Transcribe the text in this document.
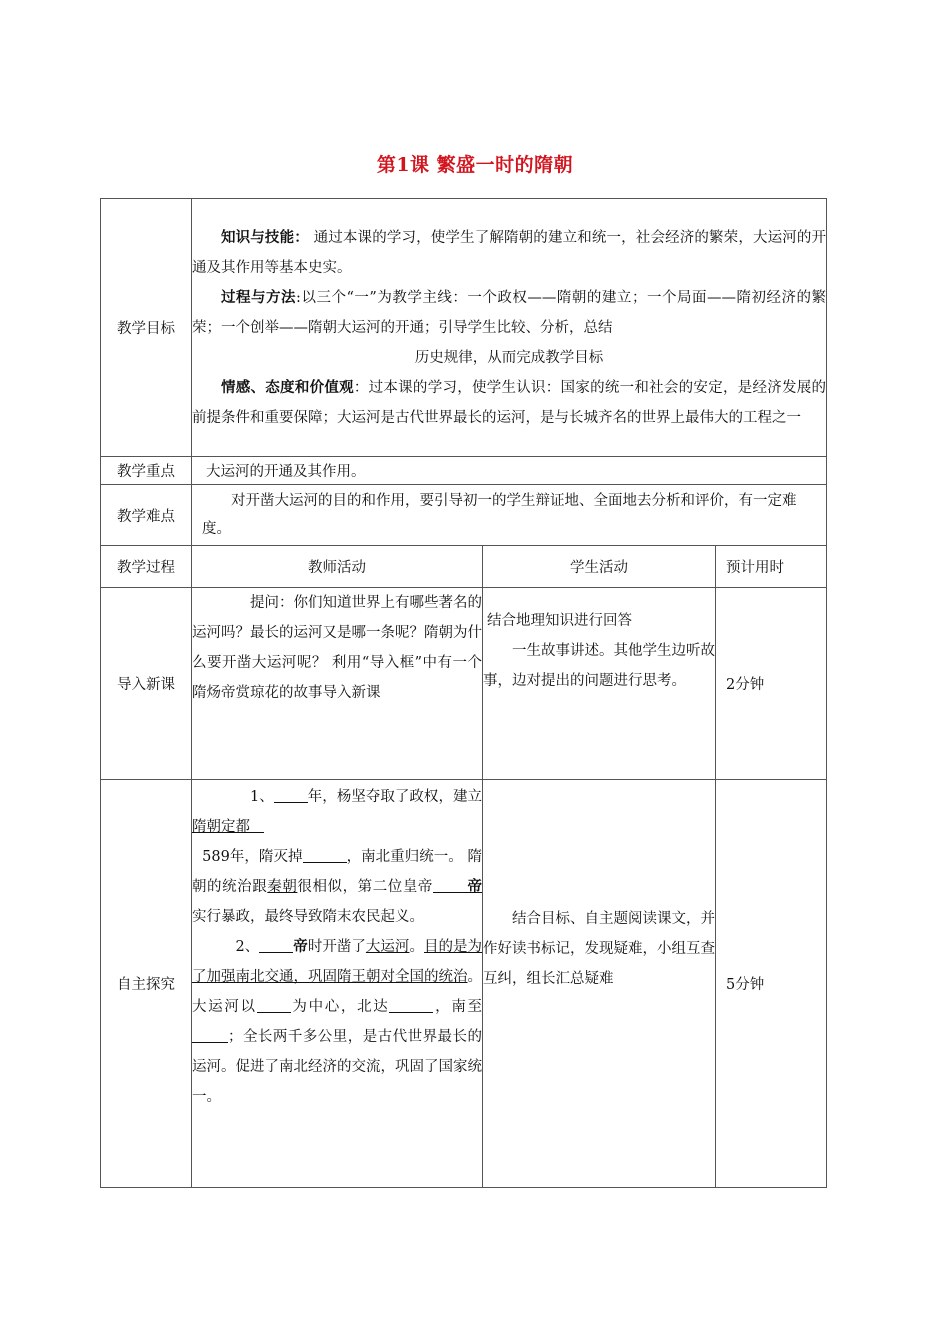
第1课 繁盛一时的隋朝
教学目标	知识与技能： 通过本课的学习，使学生了解隋朝的建立和统一，社会经济的繁荣，大运河的开通及其作用等基本史实。

过程与方法:以三个“一”为教学主线：一个政权——隋朝的建立；一个局面——隋初经济的繁荣；一个创举——隋朝大运河的开通；引导学生比较、分析，总结

历史规律，从而完成教学目标

情感、态度和价值观：过本课的学习，使学生认识：国家的统一和社会的安定，是经济发展的前提条件和重要保障；大运河是古代世界最长的运河，是与长城齐名的世界上最伟大的工程之一		

教学重点	大运河的开通及其作用。		
教学难点	对开凿大运河的目的和作用，要引导初一的学生辩证地、全面地去分析和评价，有一定难度。		

教学过程	教师活动	学生活动	预计用时
导入新课	提问：你们知道世界上有哪些著名的运河吗？最长的运河又是哪一条呢？隋朝为什么要开凿大运河呢？ 利用“导入框”中有一个隋炀帝赏琼花的故事导入新课	结合地理知识进行回答

一生故事讲述。其他学生边听故事，边对提出的问题进行思考。	2分钟
自主探究	1、 年，杨坚夺取了政权，建立隋朝定都

589年，隋灭掉 ，南北重归统一。 隋朝的统治跟秦朝很相似，第二位皇帝 帝实行暴政，最终导致隋末农民起义。

2、 帝时开凿了大运河。目的是为了加强南北交通，巩固隋王朝对全国的统治。大运河以 为中心，北达 ，南至；全长两千多公里，是古代世界最长的运河。促进了南北经济的交流，巩固了国家统一。	结合目标、自主题阅读课文，并作好读书标记，发现疑难，小组互查互纠，组长汇总疑难	5分钟
